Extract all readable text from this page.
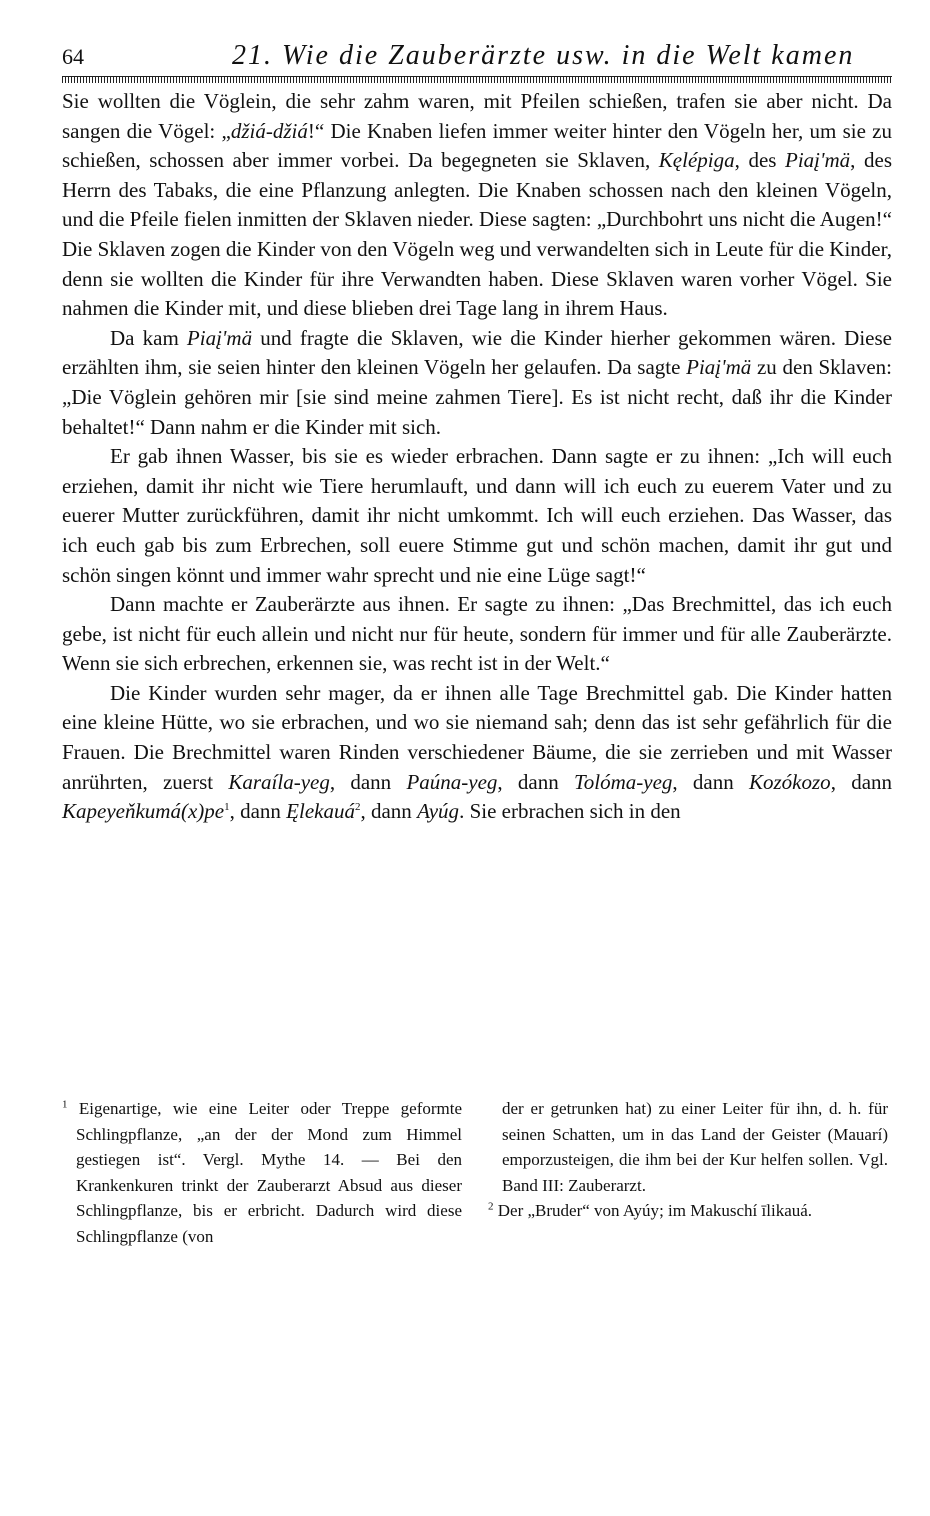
64	21. Wie die Zauberärzte usw. in die Welt kamen

Sie wollten die Vöglein, die sehr zahm waren, mit Pfeilen schießen, trafen sie aber nicht. Da sangen die Vögel: „džiá-džiá!“ Die Knaben liefen immer weiter hinter den Vögeln her, um sie zu schießen, schossen aber immer vorbei. Da begegneten sie Sklaven, Kęlépiga, des Piaį'mä, des Herrn des Tabaks, die eine Pflanzung anlegten. Die Knaben schossen nach den kleinen Vögeln, und die Pfeile fielen inmitten der Sklaven nieder. Diese sagten: „Durchbohrt uns nicht die Augen!“ Die Sklaven zogen die Kinder von den Vögeln weg und verwandelten sich in Leute für die Kinder, denn sie wollten die Kinder für ihre Verwandten haben. Diese Sklaven waren vorher Vögel. Sie nahmen die Kinder mit, und diese blieben drei Tage lang in ihrem Haus.

Da kam Piaį'mä und fragte die Sklaven, wie die Kinder hierher gekommen wären. Diese erzählten ihm, sie seien hinter den kleinen Vögeln her gelaufen. Da sagte Piaį'mä zu den Sklaven: „Die Vöglein gehören mir [sie sind meine zahmen Tiere]. Es ist nicht recht, daß ihr die Kinder behaltet!“ Dann nahm er die Kinder mit sich.

Er gab ihnen Wasser, bis sie es wieder erbrachen. Dann sagte er zu ihnen: „Ich will euch erziehen, damit ihr nicht wie Tiere herumlauft, und dann will ich euch zu euerem Vater und zu euerer Mutter zurückführen, damit ihr nicht umkommt. Ich will euch erziehen. Das Wasser, das ich euch gab bis zum Erbrechen, soll euere Stimme gut und schön machen, damit ihr gut und schön singen könnt und immer wahr sprecht und nie eine Lüge sagt!“

Dann machte er Zauberärzte aus ihnen. Er sagte zu ihnen: „Das Brechmittel, das ich euch gebe, ist nicht für euch allein und nicht nur für heute, sondern für immer und für alle Zauberärzte. Wenn sie sich erbrechen, erkennen sie, was recht ist in der Welt.“

Die Kinder wurden sehr mager, da er ihnen alle Tage Brechmittel gab. Die Kinder hatten eine kleine Hütte, wo sie erbrachen, und wo sie niemand sah; denn das ist sehr gefährlich für die Frauen. Die Brechmittel waren Rinden verschiedener Bäume, die sie zerrieben und mit Wasser anrührten, zuerst Karaíla-yeg, dann Paúna-yeg, dann Tolóma-yeg, dann Kozókozo, dann $Kapeyeňkumá(x)pe^1$, dann Ęlekauá$^2$, dann Ayúg. Sie erbrachen sich in den

$^1$ Eigenartige, wie eine Leiter oder Treppe geformte Schlingpflanze, „an der der Mond zum Himmel gestiegen ist“. Vergl. Mythe 14. — Bei den Krankenkuren trinkt der Zauberarzt Absud aus dieser Schlingpflanze, bis er erbricht. Dadurch wird diese Schlingpflanze (von

der er getrunken hat) zu einer Leiter für ihn, d. h. für seinen Schatten, um in das Land der Geister (Mauarí) emporzusteigen, die ihm bei der Kur helfen sollen. Vgl. Band III: Zauberarzt.

$^2$ Der „Bruder“ von Ayúy; im Makuschí īlikauá.
